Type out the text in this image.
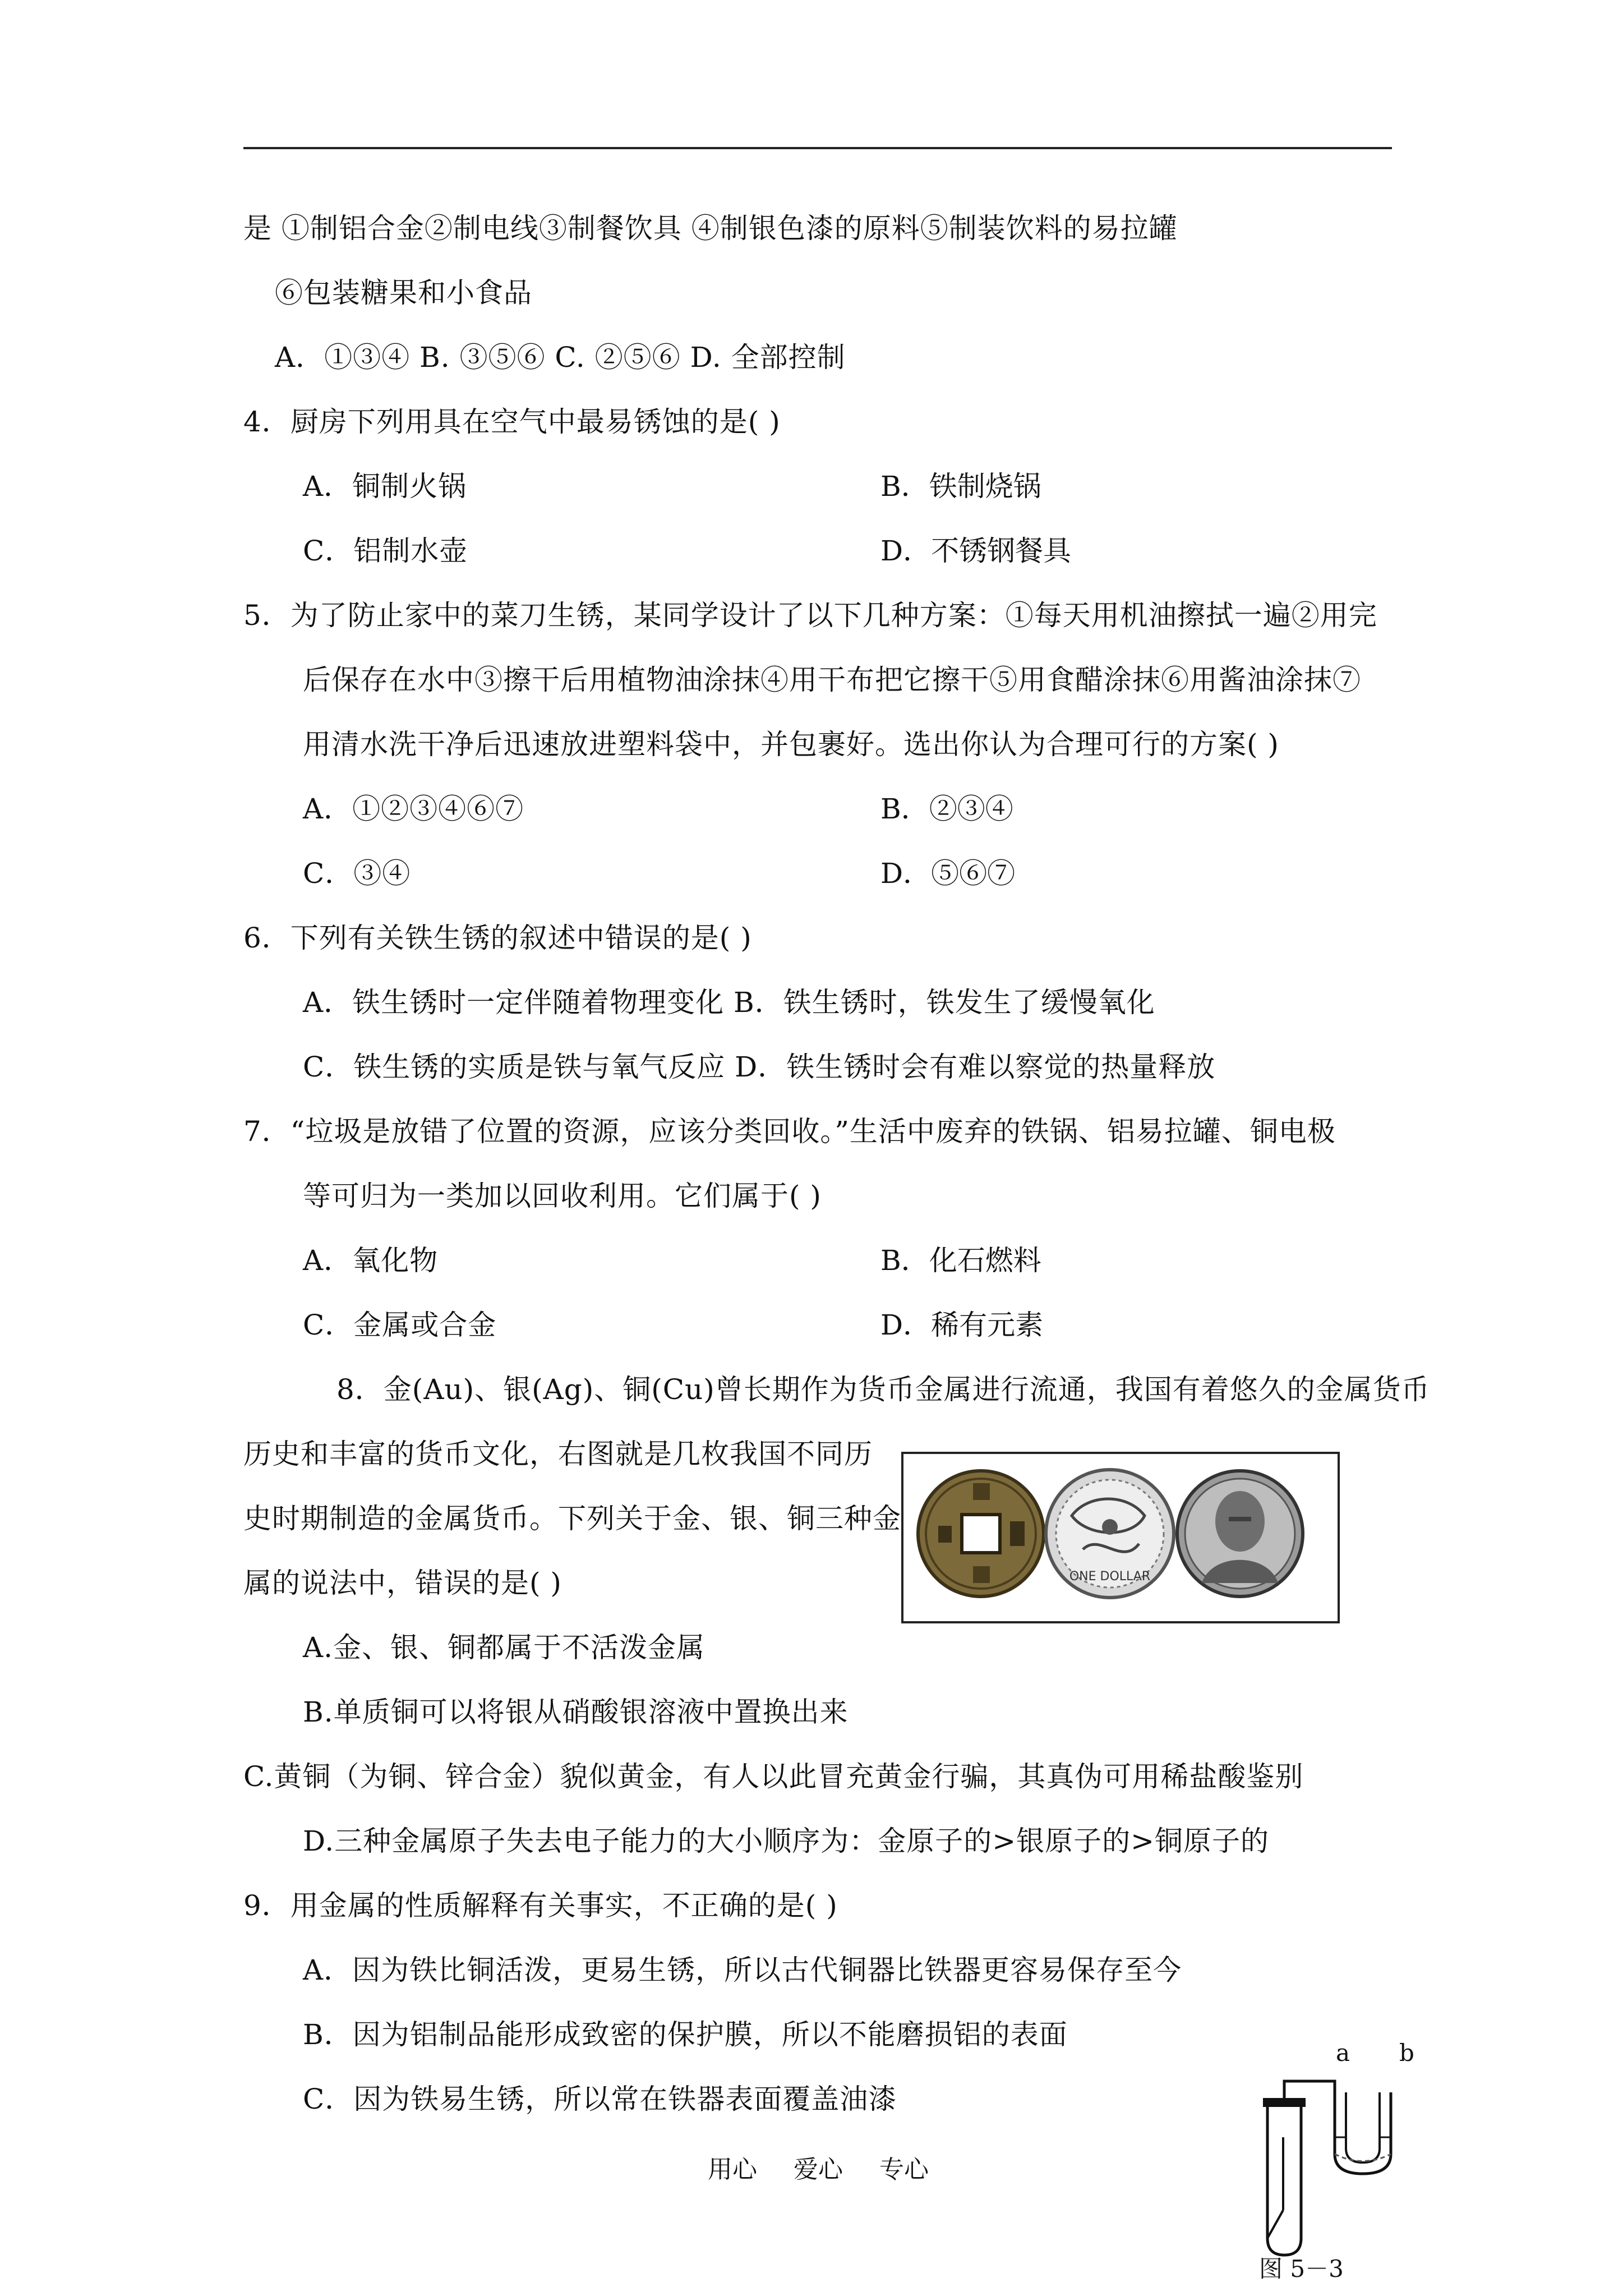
是 ①制铝合金②制电线③制餐饮具 ④制银色漆的原料⑤制装饮料的易拉罐
⑥包装糖果和小食品
A．①③④ B. ③⑤⑥ C. ②⑤⑥ D. 全部控制
4．厨房下列用具在空气中最易锈蚀的是( )
A．铜制火锅	B．铁制烧锅
C．铝制水壶	D．不锈钢餐具
5．为了防止家中的菜刀生锈，某同学设计了以下几种方案：①每天用机油擦拭一遍②用完
后保存在水中③擦干后用植物油涂抹④用干布把它擦干⑤用食醋涂抹⑥用酱油涂抹⑦
用清水洗干净后迅速放进塑料袋中，并包裹好。选出你认为合理可行的方案( )
A．①②③④⑥⑦	B．②③④
C．③④	D．⑤⑥⑦
6．下列有关铁生锈的叙述中错误的是( )
A．铁生锈时一定伴随着物理变化 B．铁生锈时，铁发生了缓慢氧化
C．铁生锈的实质是铁与氧气反应 D．铁生锈时会有难以察觉的热量释放
7．“垃圾是放错了位置的资源，应该分类回收。”生活中废弃的铁锅、铝易拉罐、铜电极
等可归为一类加以回收利用。它们属于( )
A．氧化物	B．化石燃料
C．金属或合金	D．稀有元素
8．金(Au)、银(Ag)、铜(Cu)曾长期作为货币金属进行流通，我国有着悠久的金属货币
历史和丰富的货币文化，右图就是几枚我国不同历
史时期制造的金属货币。下列关于金、银、铜三种金
属的说法中，错误的是( )	ONE DOLLAR
A.金、银、铜都属于不活泼金属
B.单质铜可以将银从硝酸银溶液中置换出来
C.黄铜（为铜、锌合金）貌似黄金，有人以此冒充黄金行骗，其真伪可用稀盐酸鉴别
D.三种金属原子失去电子能力的大小顺序为：金原子的>银原子的>铜原子的
9．用金属的性质解释有关事实，不正确的是( )
A．因为铁比铜活泼，更易生锈，所以古代铜器比铁器更容易保存至今
B．因为铝制品能形成致密的保护膜，所以不能磨损铝的表面
C．因为铁易生锈，所以常在铁器表面覆盖油漆
a b
图 5－3
用心 爱心 专心
